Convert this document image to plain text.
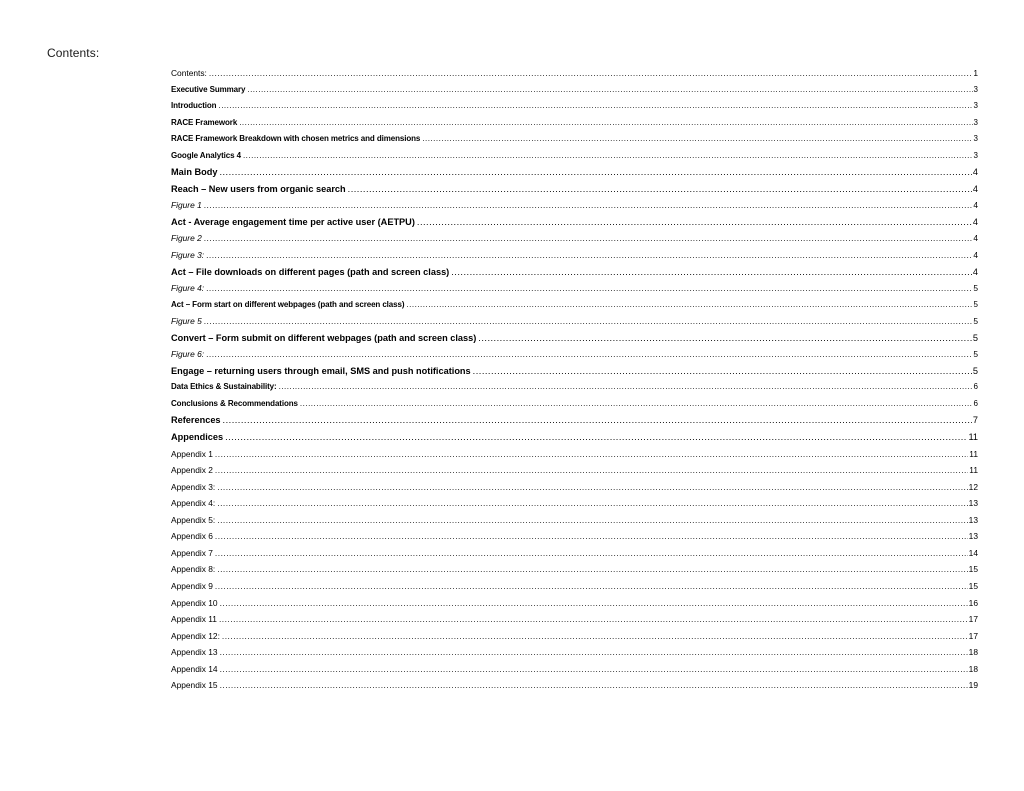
Contents:
Contents: .....	1
Executive Summary .....	3
Introduction .....	3
RACE Framework .....	3
RACE Framework Breakdown with chosen metrics and dimensions .....	3
Google Analytics 4 .....	3
Main Body .....	4
Reach – New users from organic search .....	4
Figure 1 .....	4
Act - Average engagement time per active user (AETPU) .....	4
Figure 2 .....	4
Figure 3: .....	4
Act – File downloads on different pages (path and screen class) .....	4
Figure 4: .....	5
Act – Form start on different webpages (path and screen class) .....	5
Figure 5 .....	5
Convert – Form submit on different webpages (path and screen class) .....	5
Figure 6: .....	5
Engage – returning users through email, SMS and push notifications .....	5
Data Ethics & Sustainability: .....	6
Conclusions & Recommendations .....	6
References .....	7
Appendices .....	11
Appendix 1 .....	11
Appendix 2 .....	11
Appendix 3: .....	12
Appendix 4: .....	13
Appendix 5: .....	13
Appendix 6 .....	13
Appendix 7 .....	14
Appendix 8: .....	15
Appendix 9 .....	15
Appendix 10 .....	16
Appendix 11 .....	17
Appendix 12: .....	17
Appendix 13 .....	18
Appendix 14 .....	18
Appendix 15 .....	19
